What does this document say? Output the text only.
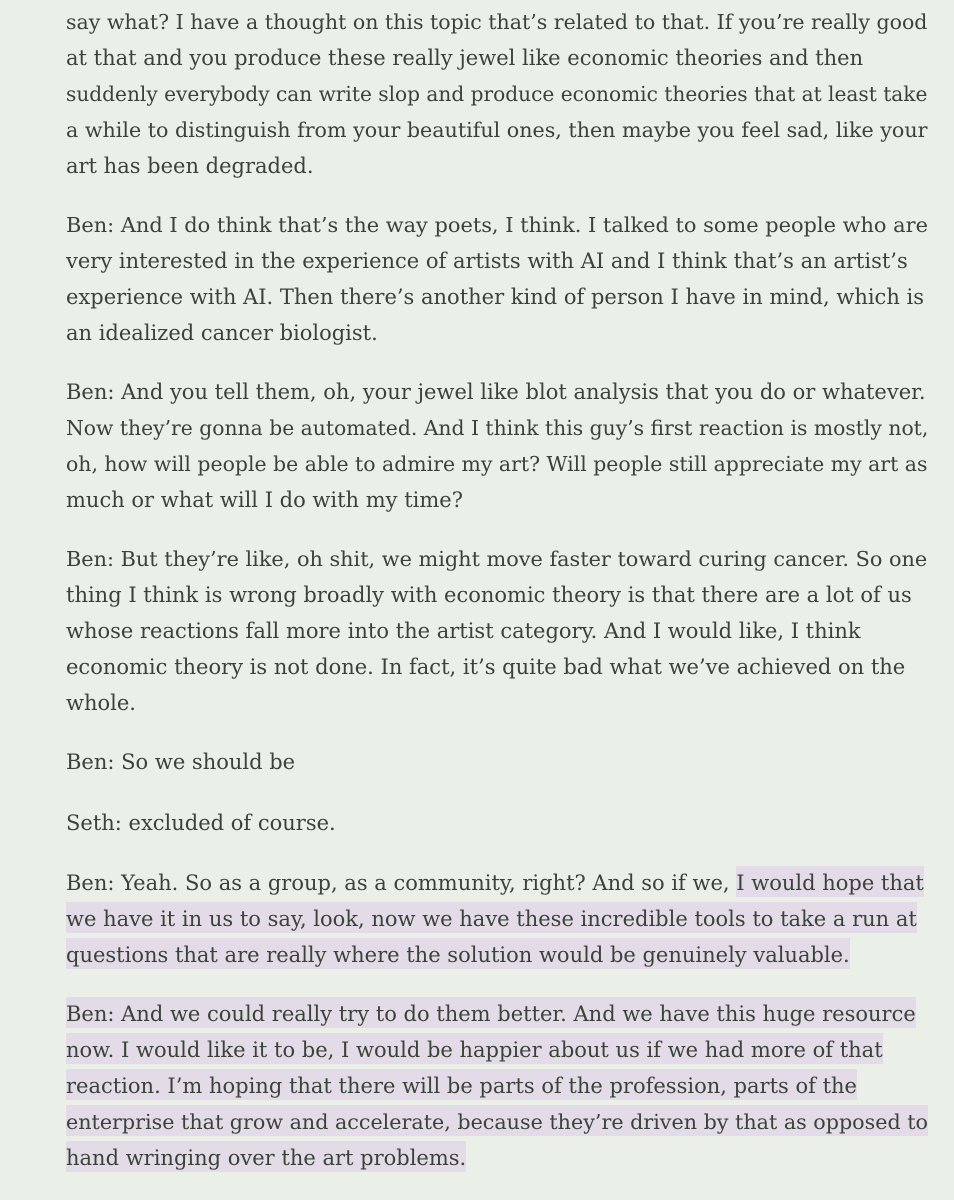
say what? I have a thought on this topic that’s related to that. If you’re really good
at that and you produce these really jewel like economic theories and then
suddenly everybody can write slop and produce economic theories that at least take
a while to distinguish from your beautiful ones, then maybe you feel sad, like your
art has been degraded.
Ben: And I do think that’s the way poets, I think. I talked to some people who are
very interested in the experience of artists with AI and I think that’s an artist’s
experience with AI. Then there’s another kind of person I have in mind, which is
an idealized cancer biologist.
Ben: And you tell them, oh, your jewel like blot analysis that you do or whatever.
Now they’re gonna be automated. And I think this guy’s first reaction is mostly not,
oh, how will people be able to admire my art? Will people still appreciate my art as
much or what will I do with my time?
Ben: But they’re like, oh shit, we might move faster toward curing cancer. So one
thing I think is wrong broadly with economic theory is that there are a lot of us
whose reactions fall more into the artist category. And I would like, I think
economic theory is not done. In fact, it’s quite bad what we’ve achieved on the
whole.
Ben: So we should be
Seth: excluded of course.
Ben: Yeah. So as a group, as a community, right? And so if we, I would hope that
we have it in us to say, look, now we have these incredible tools to take a run at
questions that are really where the solution would be genuinely valuable.
Ben: And we could really try to do them better. And we have this huge resource
now. I would like it to be, I would be happier about us if we had more of that
reaction. I’m hoping that there will be parts of the profession, parts of the
enterprise that grow and accelerate, because they’re driven by that as opposed to
hand wringing over the art problems.
